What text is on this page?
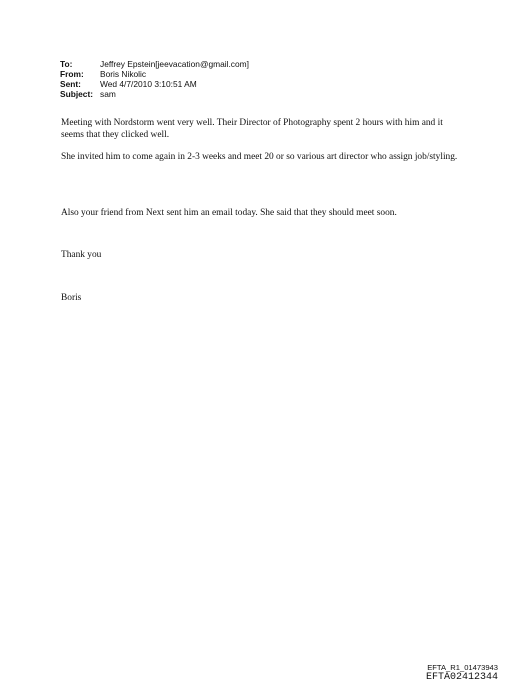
To:	Jeffrey Epstein[jeevacation@gmail.com]
From:	Boris Nikolic
Sent:	Wed 4/7/2010 3:10:51 AM
Subject: sam

Meeting with Nordstorm went very well. Their Director of Photography spent 2 hours with him and it seems that they clicked well.

She invited him to come again in 2-3 weeks and meet 20 or so various art director who assign job/styling.

Also your friend from Next sent him an email today. She said that they should meet soon.

Thank you

Boris

EFTA_R1_01473943
EFTA02412344
